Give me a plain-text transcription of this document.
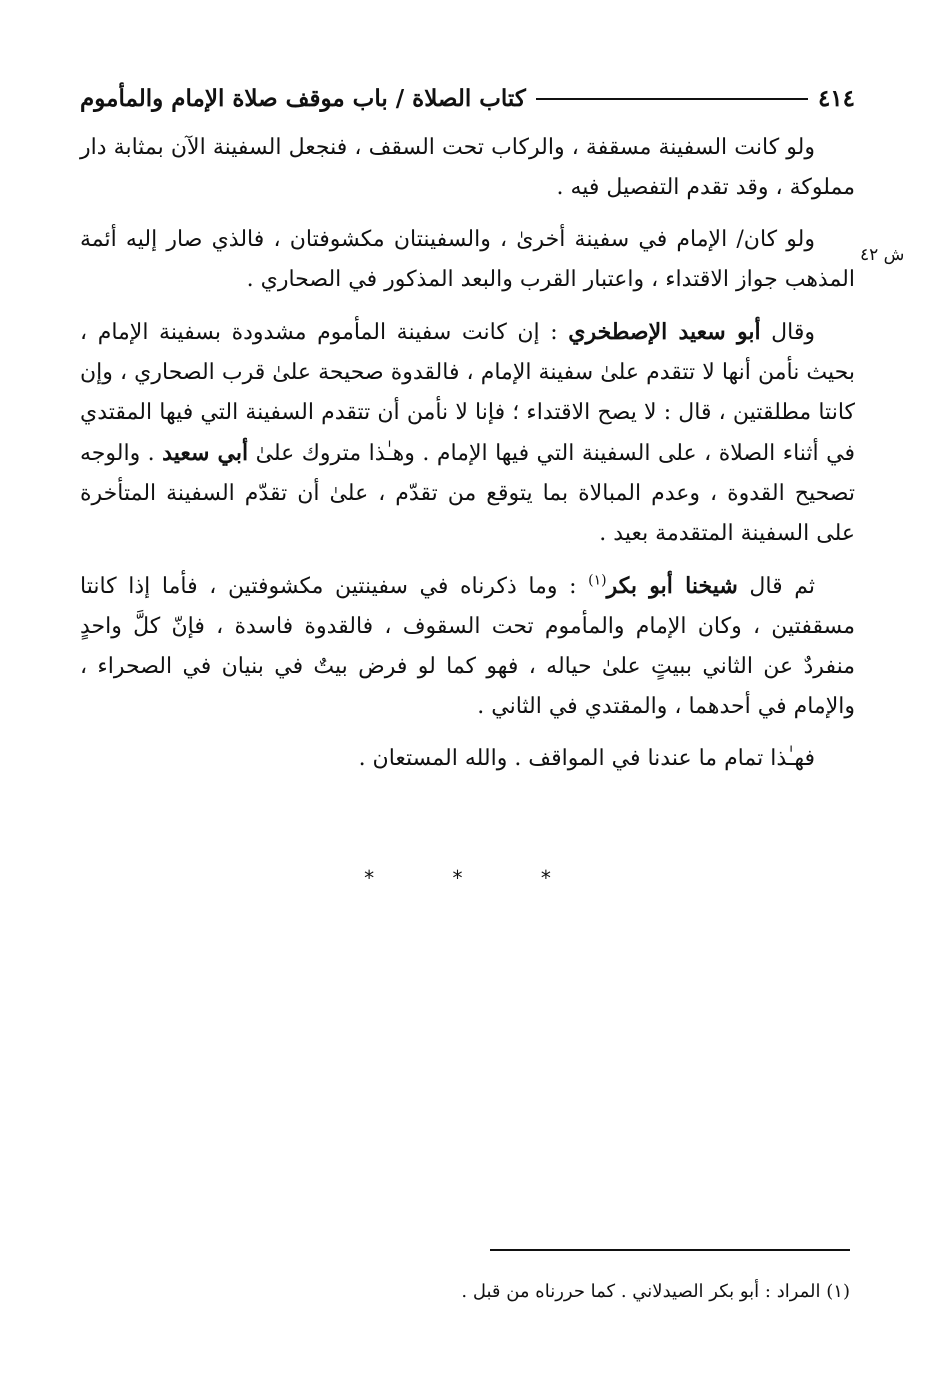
٤١٤
كتاب الصلاة / باب موقف صلاة الإمام والمأموم
ش ٤٢

ولو كانت السفينة مسقفة ، والركاب تحت السقف ، فنجعل السفينة الآن بمثابة دار مملوكة ، وقد تقدم التفصيل فيه .

ولو كان/ الإمام في سفينة أخرىٰ ، والسفينتان مكشوفتان ، فالذي صار إليه أئمة المذهب جواز الاقتداء ، واعتبار القرب والبعد المذكور في الصحاري .

وقال أبو سعيد الإصطخري : إن كانت سفينة المأموم مشدودة بسفينة الإمام ، بحيث نأمن أنها لا تتقدم علىٰ سفينة الإمام ، فالقدوة صحيحة علىٰ قرب الصحاري ، وإن كانتا مطلقتين ، قال : لا يصح الاقتداء ؛ فإنا لا نأمن أن تتقدم السفينة التي فيها المقتدي في أثناء الصلاة ، على السفينة التي فيها الإمام . وهـٰذا متروك علىٰ أبي سعيد . والوجه تصحيح القدوة ، وعدم المبالاة بما يتوقع من تقدّم ، علىٰ أن تقدّم السفينة المتأخرة على السفينة المتقدمة بعيد .

ثم قال شيخنا أبو بكر$^{(١)}$ : وما ذكرناه في سفينتين مكشوفتين ، فأما إذا كانتا مسقفتين ، وكان الإمام والمأموم تحت السقوف ، فالقدوة فاسدة ، فإنّ كلَّ واحدٍ منفردٌ عن الثاني ببيتٍ علىٰ حياله ، فهو كما لو فرض بيتٌ في بنيان في الصحراء ، والإمام في أحدهما ، والمقتدي في الثاني .

فهـٰذا تمام ما عندنا في المواقف . والله المستعان .

* * *
(١) المراد : أبو بكر الصيدلاني . كما حررناه من قبل .
